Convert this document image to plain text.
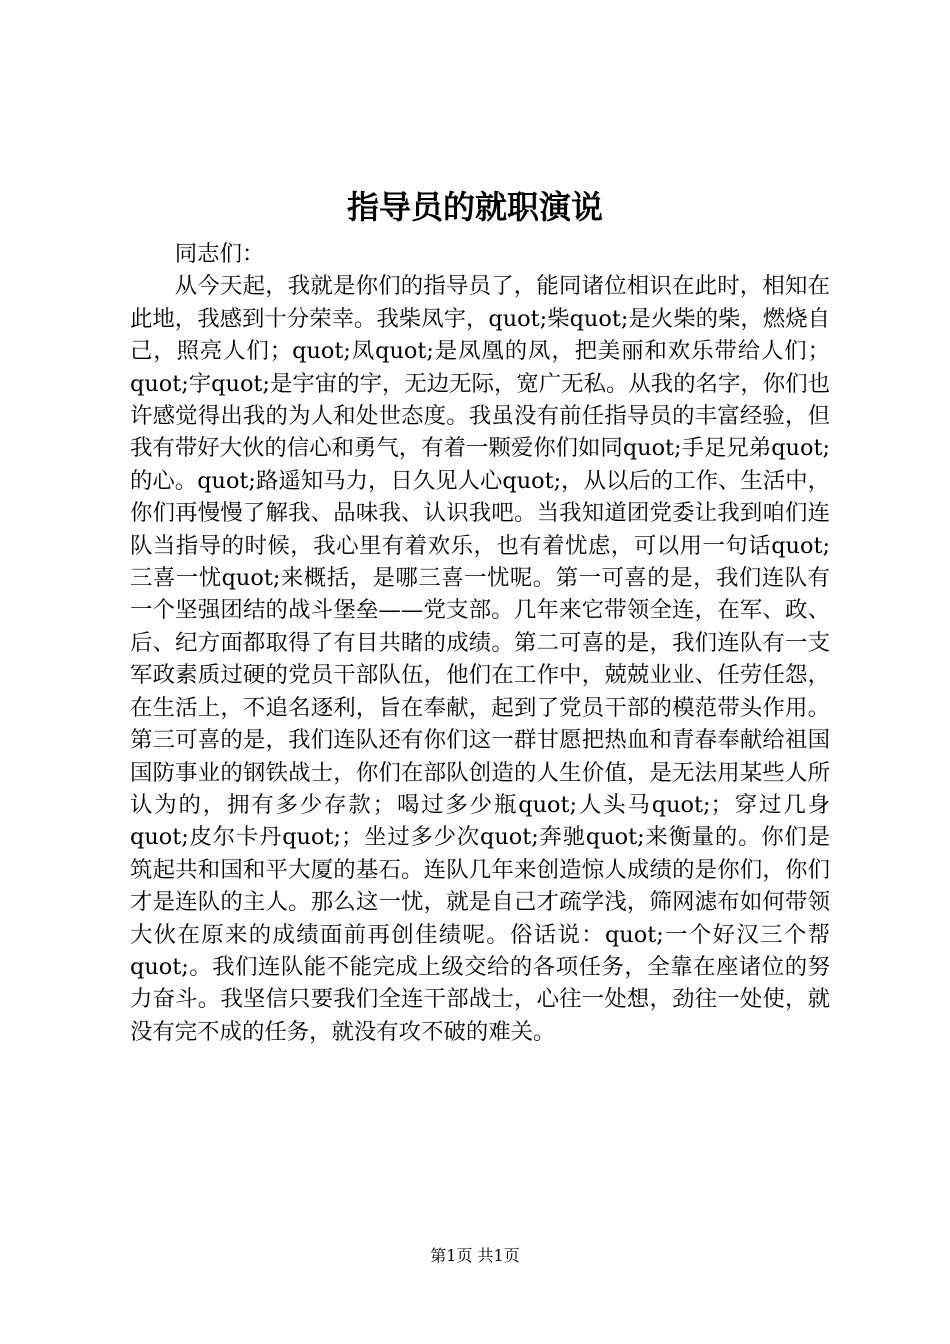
指导员的就职演说

同志们：

从今天起，我就是你们的指导员了，能同诸位相识在此时，相知在此地，我感到十分荣幸。我柴凤宇，quot;柴quot;是火柴的柴，燃烧自己，照亮人们；quot;凤quot;是凤凰的凤，把美丽和欢乐带给人们；quot;宇quot;是宇宙的宇，无边无际，宽广无私。从我的名字，你们也许感觉得出我的为人和处世态度。我虽没有前任指导员的丰富经验，但我有带好大伙的信心和勇气，有着一颗爱你们如同quot;手足兄弟quot;的心。quot;路遥知马力，日久见人心quot;，从以后的工作、生活中，你们再慢慢了解我、品味我、认识我吧。当我知道团党委让我到咱们连队当指导的时候，我心里有着欢乐，也有着忧虑，可以用一句话quot;三喜一忧quot;来概括，是哪三喜一忧呢。第一可喜的是，我们连队有一个坚强团结的战斗堡垒——党支部。几年来它带领全连，在军、政、后、纪方面都取得了有目共睹的成绩。第二可喜的是，我们连队有一支军政素质过硬的党员干部队伍，他们在工作中，兢兢业业、任劳任怨，在生活上，不追名逐利，旨在奉献，起到了党员干部的模范带头作用。第三可喜的是，我们连队还有你们这一群甘愿把热血和青春奉献给祖国国防事业的钢铁战士，你们在部队创造的人生价值，是无法用某些人所认为的，拥有多少存款；喝过多少瓶quot;人头马quot;；穿过几身quot;皮尔卡丹quot;；坐过多少次quot;奔驰quot;来衡量的。你们是筑起共和国和平大厦的基石。连队几年来创造惊人成绩的是你们，你们才是连队的主人。那么这一忧，就是自己才疏学浅，筛网滤布如何带领大伙在原来的成绩面前再创佳绩呢。俗话说：quot;一个好汉三个帮quot;。我们连队能不能完成上级交给的各项任务，全靠在座诸位的努力奋斗。我坚信只要我们全连干部战士，心往一处想，劲往一处使，就没有完不成的任务，就没有攻不破的难关。

第1页 共1页
